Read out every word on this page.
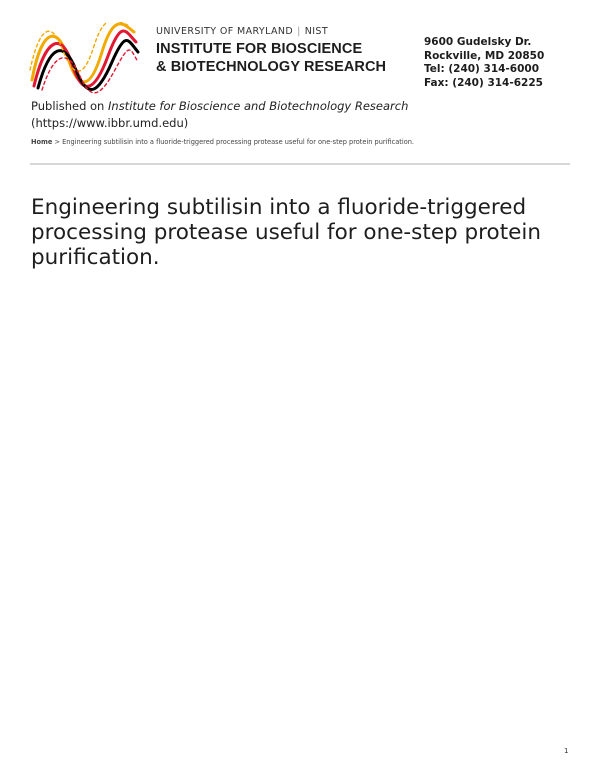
UNIVERSITY OF MARYLAND | NIST
INSTITUTE FOR BIOSCIENCE
& BIOTECHNOLOGY RESEARCH
9600 Gudelsky Dr.
Rockville, MD 20850
Tel: (240) 314-6000
Fax: (240) 314-6225
Published on Institute for Bioscience and Biotechnology Research
(https://www.ibbr.umd.edu)
Home > Engineering subtilisin into a fluoride-triggered processing protease useful for one-step protein purification.
Engineering subtilisin into a fluoride-triggered processing protease useful for one-step protein purification.
1
